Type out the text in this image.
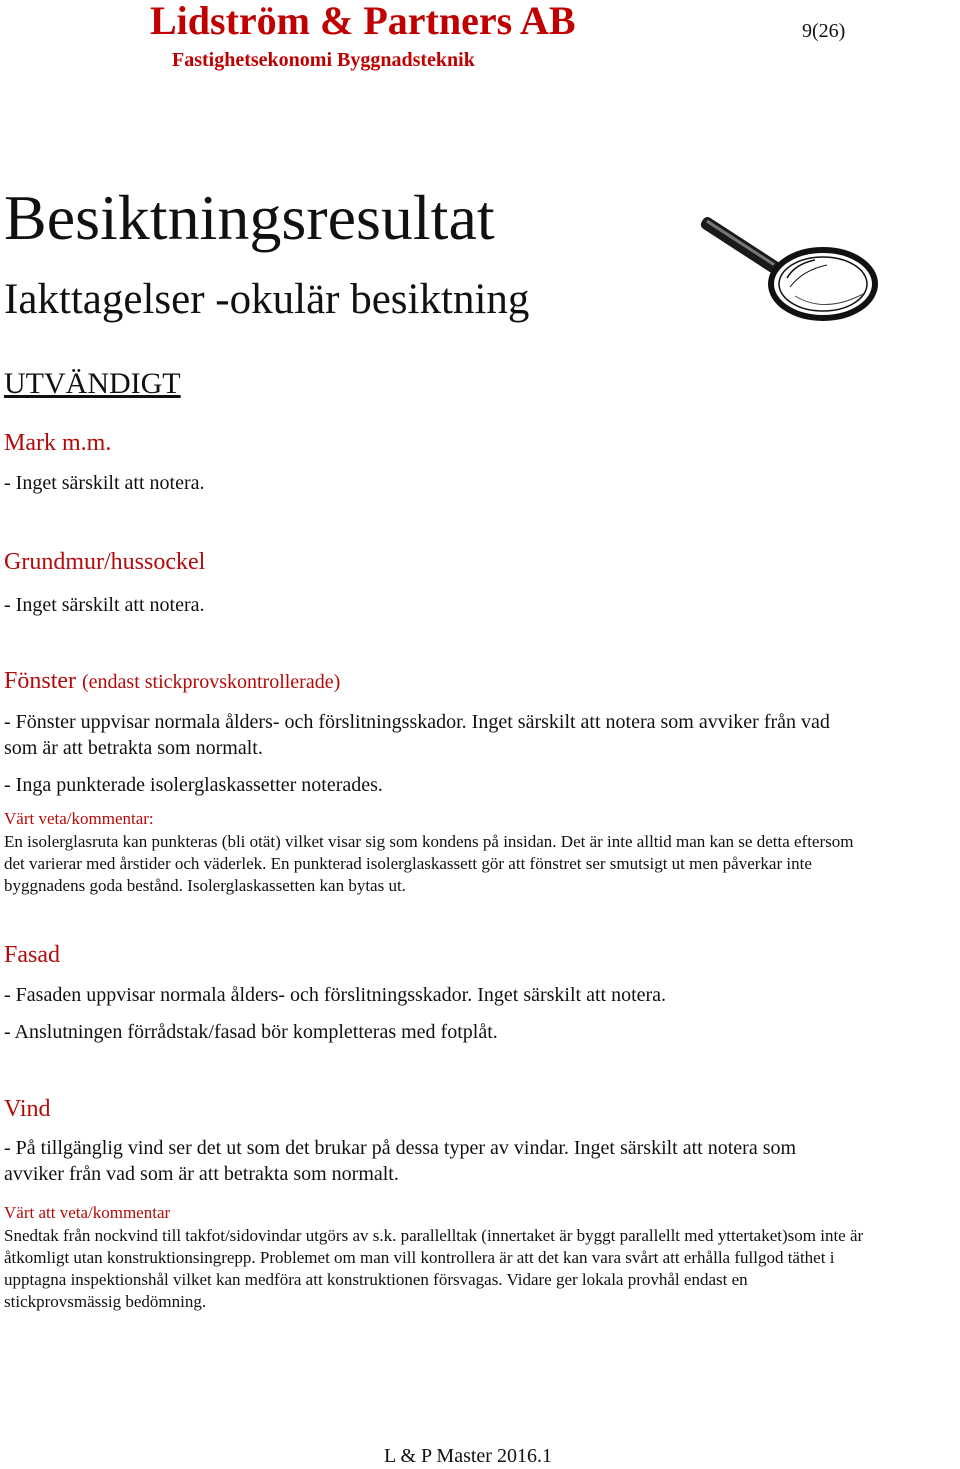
Lidström & Partners AB
Fastighetsekonomi Byggnadsteknik
9(26)
Besiktningsresultat
Iakttagelser -okulär besiktning
UTVÄNDIGT
Mark m.m.
- Inget särskilt att notera.
Grundmur/hussockel
- Inget särskilt att notera.
Fönster (endast stickprovskontrollerade)
- Fönster uppvisar normala ålders- och förslitningsskador. Inget särskilt att notera som avviker från vad
som är att betrakta som normalt.
- Inga punkterade isolerglaskassetter noterades.
Värt veta/kommentar:
En isolerglasruta kan punkteras (bli otät) vilket visar sig som kondens på insidan. Det är inte alltid man kan se detta eftersom
det varierar med årstider och väderlek. En punkterad isolerglaskassett gör att fönstret ser smutsigt ut men påverkar inte
byggnadens goda bestånd. Isolerglaskassetten kan bytas ut.
Fasad
- Fasaden uppvisar normala ålders- och förslitningsskador. Inget särskilt att notera.
- Anslutningen förrådstak/fasad bör kompletteras med fotplåt.
Vind
- På tillgänglig vind ser det ut som det brukar på dessa typer av vindar. Inget särskilt att notera som
avviker från vad som är att betrakta som normalt.
Värt att veta/kommentar
Snedtak från nockvind till takfot/sidovindar utgörs av s.k. parallelltak (innertaket är byggt parallellt med yttertaket)som inte är
åtkomligt utan konstruktionsingrepp. Problemet om man vill kontrollera är att det kan vara svårt att erhålla fullgod täthet i
upptagna inspektionshål vilket kan medföra att konstruktionen försvagas. Vidare ger lokala provhål endast en
stickprovsmässig bedömning.
L & P Master 2016.1
